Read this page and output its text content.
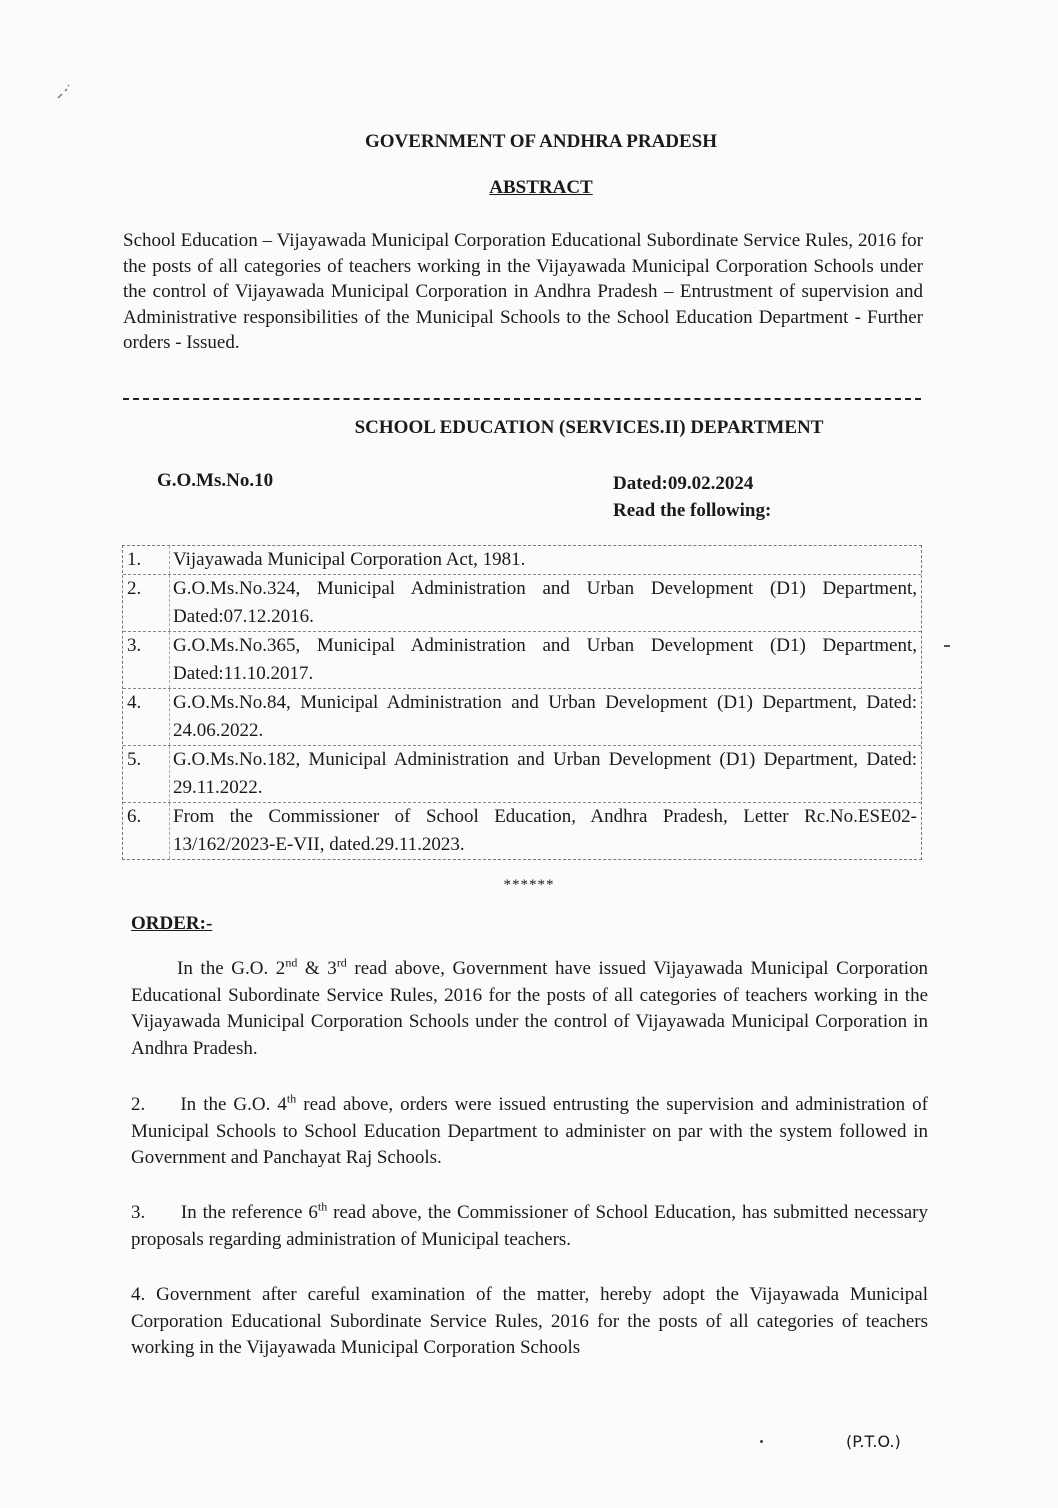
GOVERNMENT OF ANDHRA PRADESH
ABSTRACT
School Education – Vijayawada Municipal Corporation Educational Subordinate Service Rules, 2016 for the posts of all categories of teachers working in the Vijayawada Municipal Corporation Schools under the control of Vijayawada Municipal Corporation in Andhra Pradesh – Entrustment of supervision and Administrative responsibilities of the Municipal Schools to the School Education Department - Further orders - Issued.
SCHOOL EDUCATION (SERVICES.II) DEPARTMENT
G.O.Ms.No.10	Dated:09.02.2024
Read the following:
1.	Vijayawada Municipal Corporation Act, 1981.
2.	G.O.Ms.No.324, Municipal Administration and Urban Development (D1) Department, Dated:07.12.2016.
3.	G.O.Ms.No.365, Municipal Administration and Urban Development (D1) Department, Dated:11.10.2017.
4.	G.O.Ms.No.84, Municipal Administration and Urban Development (D1) Department, Dated: 24.06.2022.
5.	G.O.Ms.No.182, Municipal Administration and Urban Development (D1) Department, Dated: 29.11.2022.
6.	From the Commissioner of School Education, Andhra Pradesh, Letter Rc.No.ESE02-13/162/2023-E-VII, dated.29.11.2023.
******
ORDER:-
In the G.O. 2nd & 3rd read above, Government have issued Vijayawada Municipal Corporation Educational Subordinate Service Rules, 2016 for the posts of all categories of teachers working in the Vijayawada Municipal Corporation Schools under the control of Vijayawada Municipal Corporation in Andhra Pradesh.
2.     In the G.O. 4th read above, orders were issued entrusting the supervision and administration of Municipal Schools to School Education Department to administer on par with the system followed in Government and Panchayat Raj Schools.
3.      In the reference 6th read above, the Commissioner of School Education, has submitted necessary proposals regarding administration of Municipal teachers.
4. Government after careful examination of the matter, hereby adopt the Vijayawada Municipal Corporation Educational Subordinate Service Rules, 2016 for the posts of all categories of teachers working in the Vijayawada Municipal Corporation Schools
(P.T.O.)
